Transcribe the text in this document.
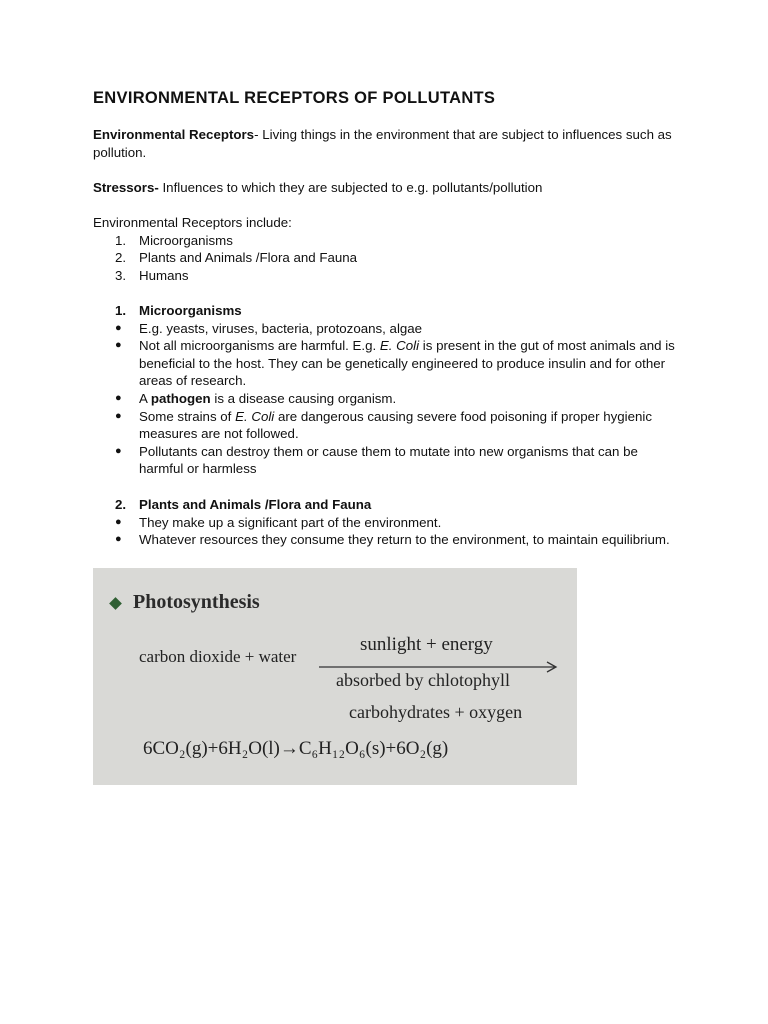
ENVIRONMENTAL RECEPTORS OF POLLUTANTS

Environmental Receptors- Living things in the environment that are subject to influences such as pollution.

Stressors- Influences to which they are subjected to e.g. pollutants/pollution

Environmental Receptors include:

1. Microorganisms
2. Plants and Animals /Flora and Fauna
3. Humans
1. Microorganisms
● E.g. yeasts, viruses, bacteria, protozoans, algae
● Not all microorganisms are harmful. E.g. E. Coli is present in the gut of most animals and is beneficial to the host. They can be genetically engineered to produce insulin and for other areas of research.
● A pathogen is a disease causing organism.
● Some strains of E. Coli are dangerous causing severe food poisoning if proper hygienic measures are not followed.
● Pollutants can destroy them or cause them to mutate into new organisms that can be harmful or harmless
2. Plants and Animals /Flora and Fauna
● They make up a significant part of the environment.
● Whatever resources they consume they return to the environment, to maintain equilibrium.
Photosynthesis
carbon dioxide + water
sunlight + energy
absorbed by chlotophyll
carbohydrates + oxygen
6CO₂(g)+6H₂O(l)→C₆H₁₂O₆(s)+6O₂(g)
